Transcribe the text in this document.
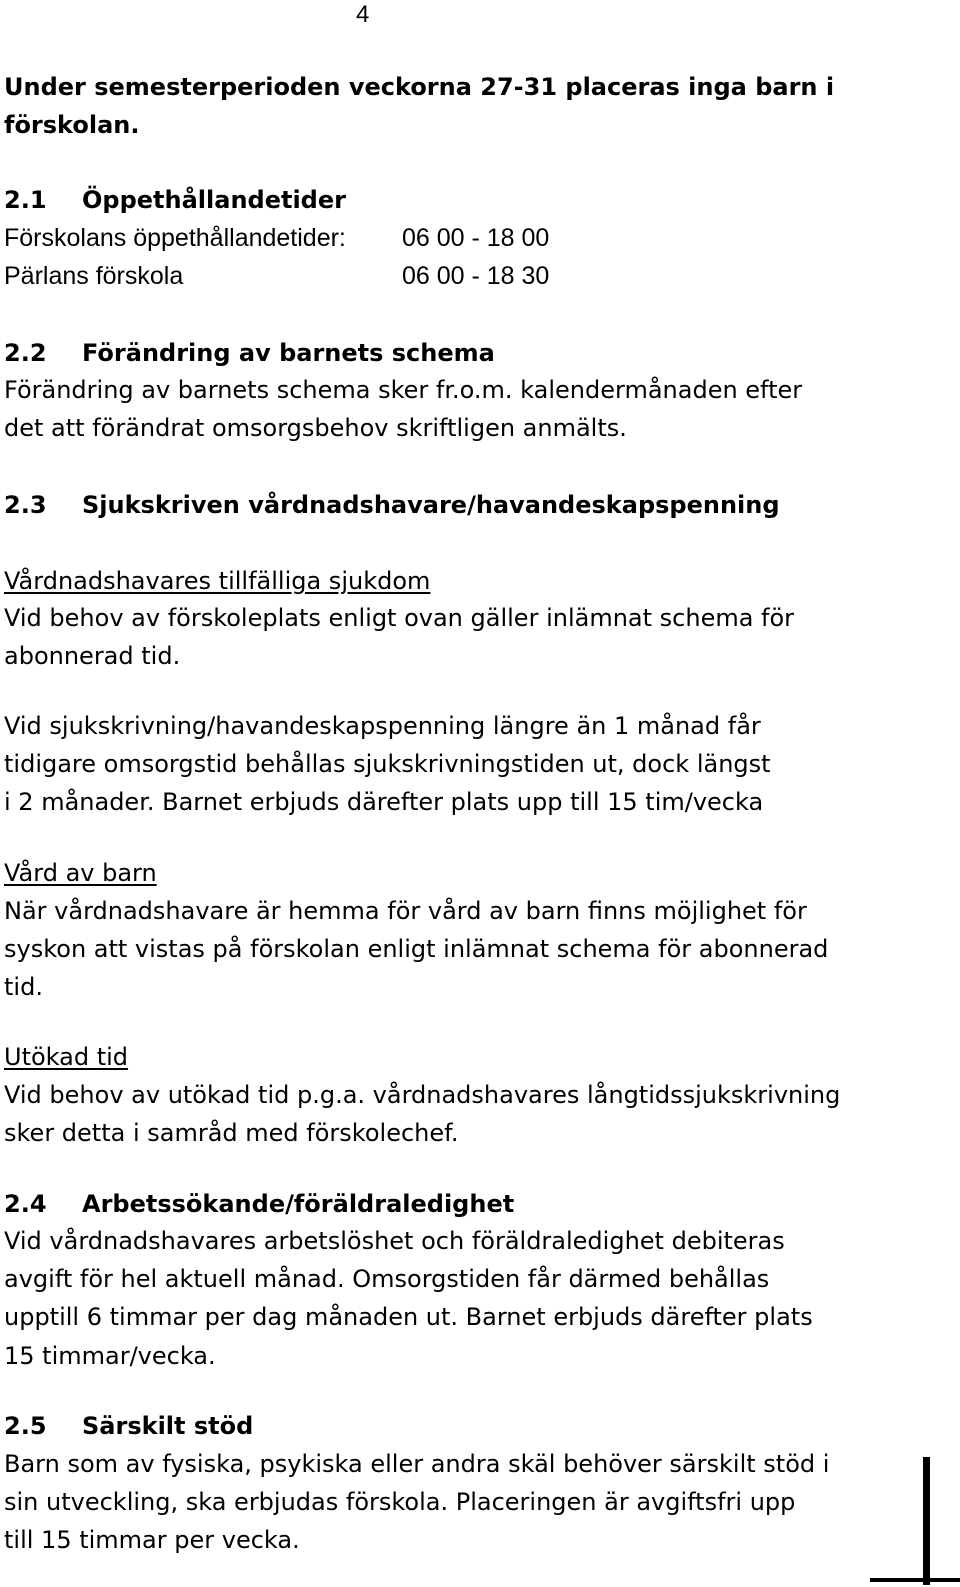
4
Under semesterperioden veckorna 27-31 placeras inga barn i
förskolan.
2.1 Öppethållandetider
Förskolans öppethållandetider: 06 00 - 18 00
Pärlans förskola	06 00 - 18 30
2.2 Förändring av barnets schema
Förändring av barnets schema sker fr.o.m. kalendermånaden efter
det att förändrat omsorgsbehov skriftligen anmälts.
2.3 Sjukskriven vårdnadshavare/havandeskapspenning
Vårdnadshavares tillfälliga sjukdom
Vid behov av förskoleplats enligt ovan gäller inlämnat schema för
abonnerad tid.
Vid sjukskrivning/havandeskapspenning längre än 1 månad får
tidigare omsorgstid behållas sjukskrivningstiden ut, dock längst
i 2 månader. Barnet erbjuds därefter plats upp till 15 tim/vecka
Vård av barn
När vårdnadshavare är hemma för vård av barn finns möjlighet för
syskon att vistas på förskolan enligt inlämnat schema för abonnerad
tid.
Utökad tid
Vid behov av utökad tid p.g.a. vårdnadshavares långtidssjukskrivning
sker detta i samråd med förskolechef.
2.4 Arbetssökande/föräldraledighet
Vid vårdnadshavares arbetslöshet och föräldraledighet debiteras
avgift för hel aktuell månad. Omsorgstiden får därmed behållas
upptill 6 timmar per dag månaden ut. Barnet erbjuds därefter plats
15 timmar/vecka.
2.5 Särskilt stöd
Barn som av fysiska, psykiska eller andra skäl behöver särskilt stöd i
sin utveckling, ska erbjudas förskola. Placeringen är avgiftsfri upp
till 15 timmar per vecka.
